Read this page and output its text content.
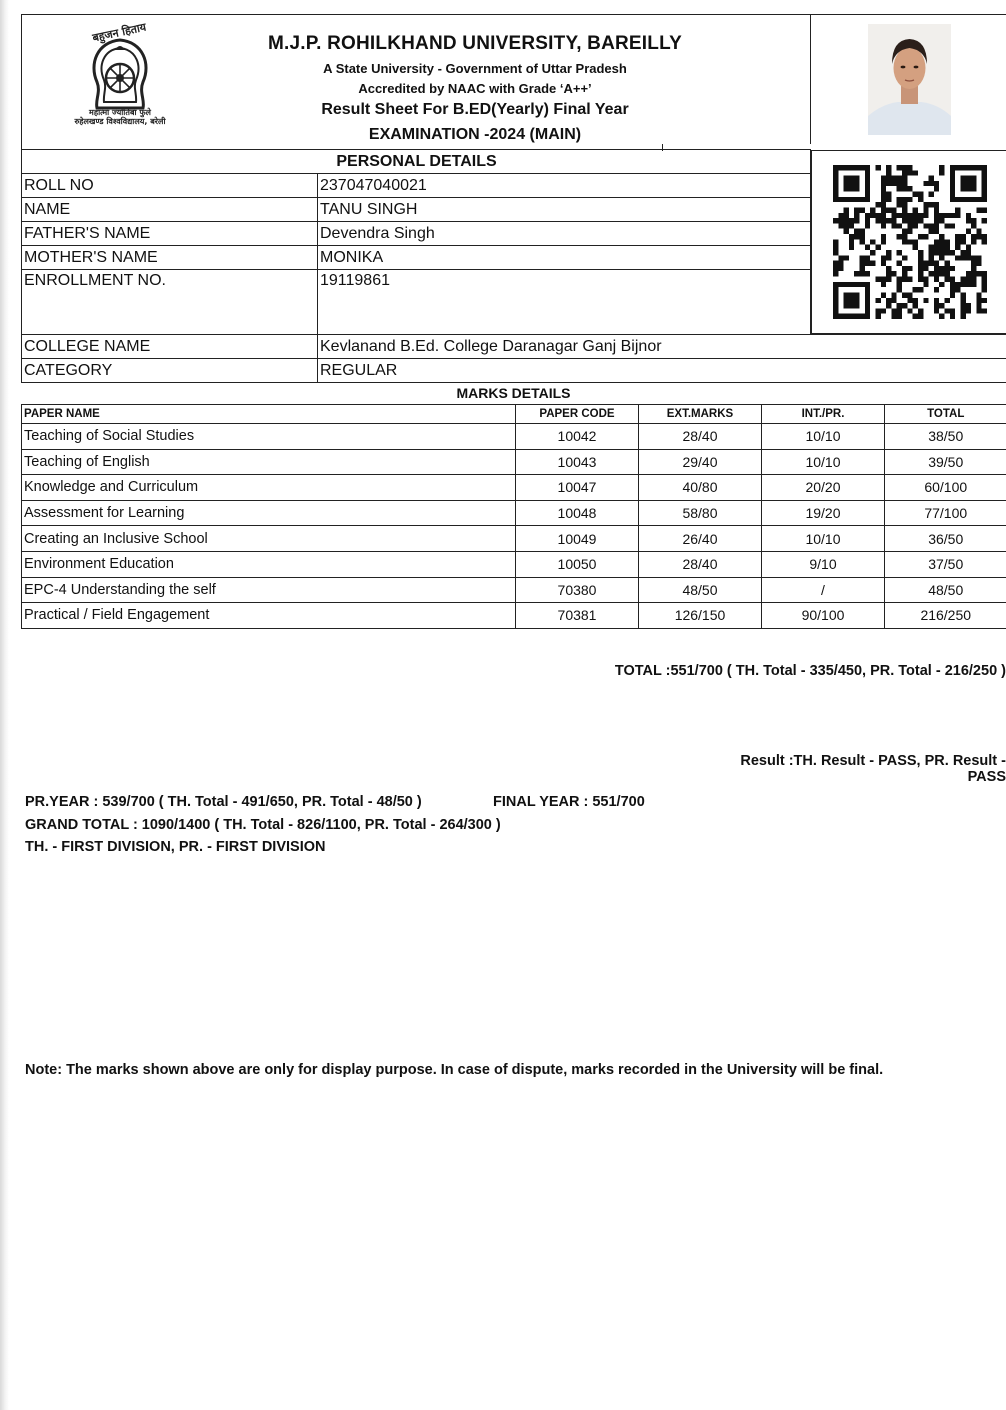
बहुजन हिताय
महात्मा ज्योतिबा फुले
रुहेलखण्ड विश्वविद्यालय, बरेली
M.J.P. ROHILKHAND UNIVERSITY, BAREILLY
A State University - Government of Uttar Pradesh
Accredited by NAAC with Grade ‘A++’
Result Sheet For B.ED(Yearly) Final Year
EXAMINATION -2024 (MAIN)
PERSONAL DETAILS	
ROLL NO	237047040021
NAME	TANU SINGH
FATHER'S NAME	Devendra Singh
MOTHER'S NAME	MONIKA
ENROLLMENT NO.	19119861
COLLEGE NAME	Kevlanand B.Ed. College Daranagar Ganj Bijnor
CATEGORY	REGULAR
MARKS DETAILS
PAPER NAME	PAPER CODE	EXT.MARKS	INT./PR.	TOTAL
Teaching of Social Studies	10042	28/40	10/10	38/50
Teaching of English	10043	29/40	10/10	39/50
Knowledge and Curriculum	10047	40/80	20/20	60/100
Assessment for Learning	10048	58/80	19/20	77/100
Creating an Inclusive School	10049	26/40	10/10	36/50
Environment Education	10050	28/40	9/10	37/50
EPC-4 Understanding the self	70380	48/50	/	48/50
Practical / Field Engagement	70381	126/150	90/100	216/250
TOTAL :551/700 ( TH. Total - 335/450, PR. Total - 216/250 )
Result :TH. Result - PASS, PR. Result -
PASS
PR.YEAR : 539/700 ( TH. Total - 491/650, PR. Total - 48/50 )	FINAL YEAR : 551/700
GRAND TOTAL : 1090/1400 ( TH. Total - 826/1100, PR. Total - 264/300 )
TH. - FIRST DIVISION, PR. - FIRST DIVISION
Note: The marks shown above are only for display purpose. In case of dispute, marks recorded in the University will be final.
